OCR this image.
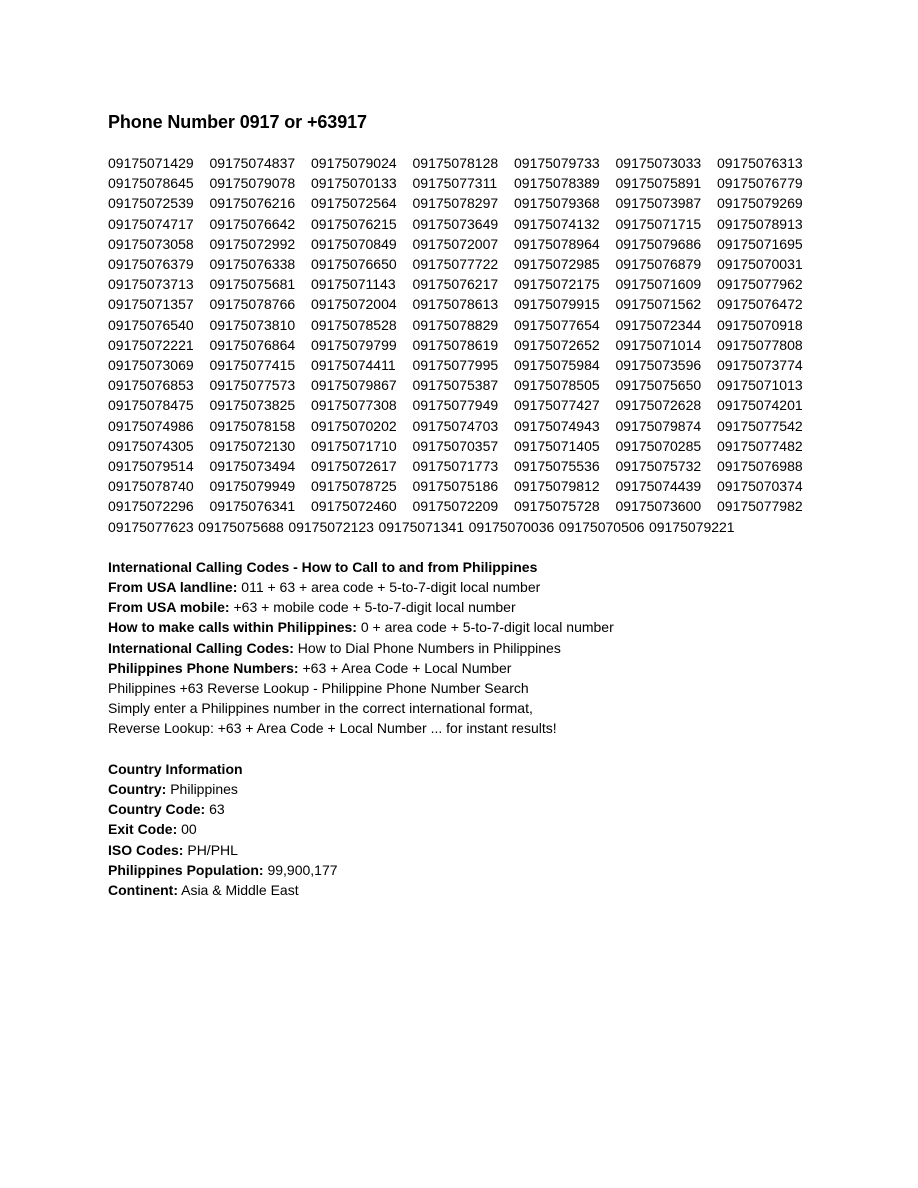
Phone Number 0917 or +63917
09175071429	09175074837	09175079024	09175078128	09175079733	09175073033	09175076313
09175078645	09175079078	09175070133	09175077311	09175078389	09175075891	09175076779
09175072539	09175076216	09175072564	09175078297	09175079368	09175073987	09175079269
09175074717	09175076642	09175076215	09175073649	09175074132	09175071715	09175078913
09175073058	09175072992	09175070849	09175072007	09175078964	09175079686	09175071695
09175076379	09175076338	09175076650	09175077722	09175072985	09175076879	09175070031
09175073713	09175075681	09175071143	09175076217	09175072175	09175071609	09175077962
09175071357	09175078766	09175072004	09175078613	09175079915	09175071562	09175076472
09175076540	09175073810	09175078528	09175078829	09175077654	09175072344	09175070918
09175072221	09175076864	09175079799	09175078619	09175072652	09175071014	09175077808
09175073069	09175077415	09175074411	09175077995	09175075984	09175073596	09175073774
09175076853	09175077573	09175079867	09175075387	09175078505	09175075650	09175071013
09175078475	09175073825	09175077308	09175077949	09175077427	09175072628	09175074201
09175074986	09175078158	09175070202	09175074703	09175074943	09175079874	09175077542
09175074305	09175072130	09175071710	09175070357	09175071405	09175070285	09175077482
09175079514	09175073494	09175072617	09175071773	09175075536	09175075732	09175076988
09175078740	09175079949	09175078725	09175075186	09175079812	09175074439	09175070374
09175072296	09175076341	09175072460	09175072209	09175075728	09175073600	09175077982
09175077623 09175075688 09175072123 09175071341 09175070036 09175070506 09175079221
International Calling Codes - How to Call to and from Philippines
From USA landline: 011 + 63 + area code + 5-to-7-digit local number
From USA mobile: +63 + mobile code + 5-to-7-digit local number
How to make calls within Philippines: 0 + area code + 5-to-7-digit local number
International Calling Codes: How to Dial Phone Numbers in Philippines
Philippines Phone Numbers: +63 + Area Code + Local Number
Philippines +63 Reverse Lookup - Philippine Phone Number Search
Simply enter a Philippines number in the correct international format,
Reverse Lookup: +63 + Area Code + Local Number ... for instant results!
Country Information
Country: Philippines
Country Code: 63
Exit Code: 00
ISO Codes: PH/PHL
Philippines Population: 99,900,177
Continent: Asia & Middle East
